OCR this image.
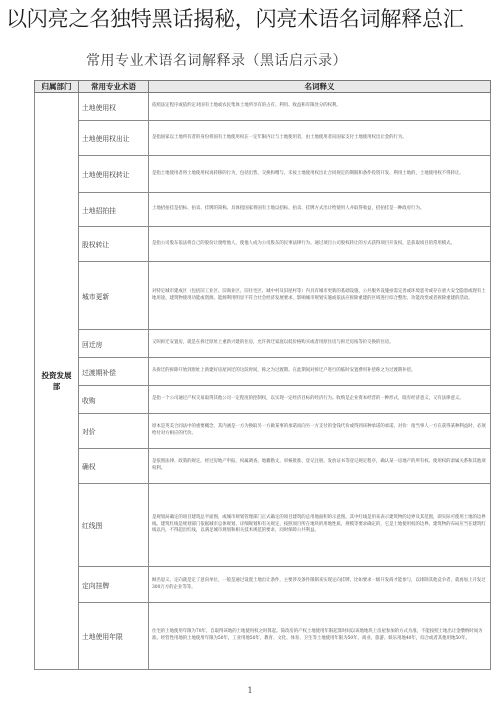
以闪亮之名独特黑话揭秘，闪亮术语名词解释总汇
常用专业术语名词解释录（黑话启示录）
归属部门	常用专业术语	名词释义
投资发展部	土地使用权	依照法定程序或依约定对国有土地或农民集体土地所享有的占有、利用、收益和有限处分的权利。
	土地使用权出让	是指国家以土地所有者的身份将国有土地使用权在一定年限内让与土地使用者，由土地使用者向国家支付土地使用权出让金的行为。
	土地使用权转让	是指土地使用者将土地使用权再转移的行为，包括出售、交换和赠与。未按土地使用权出让合同规定的期限和条件投资开发、利用土地的，土地使用权不得转让。
	土地招拍挂	土地招拍挂是招标、拍卖、挂牌的简称。具体指国家将国有土地以招标、拍卖、挂牌方式出让给使用人并取得收益，招拍挂是一种政府行为。
	股权转让	是指公司股东依法将自己的股份让渡给他人，使他人成为公司股东的民事法律行为。通过项目公司股权转让的方式获得项目开发权，是获取项目的常用模式。
	城市更新	对特定城市建成区（包括旧工业区、旧商业区、旧住宅区、城中村及旧屋村等）内具有城市更新的基础设施、公共服务设施亟需完善或环境恶劣或存在重大安全隐患或现有土地用途、建筑物使用功能或资源、能源利用明显不符合社会经济发展要求、影响城市规划实施或依法应拆除重建的区域进行综合整治、功能改变或者拆除重建的活动。
	回迁房	又叫拆迁安置房，就是在拆迁原址上重新兴建的住房，允许拆迁家庭以低价格购买或者用原住房与拆迁房按等价交换的住房。
	过渡期补偿	从拆迁的拆除开始到原址上新建好房屋回迁的这段时间，称之为过渡期。在此期间对拆迁户进行的临时安置费用补偿称之为过渡期补偿。
	收购	是指一个公司通过产权交易取得其他公司一定程度的控制权，以实现一定经济目标的经济行为。收购是企业资本经营的一种形式，既有经济意义，又有法律意义。
	对价	原本是英美合同法中的重要概念，其内涵是一方为换取另一方做某事的承诺而向另一方支付的金钱代价或得到该种承诺的承诺。对价：指当事人一方在获得某种利益时，必须给付对方相应的代价。
	确权	是依照法律、政策的规定，经过房地产申报、权属调查、地籍勘丈、审核批准、登记注册、发放证书等登记规定程序，确认某一房地产的所有权、使用权的隶属关系和其他项权利。
	红线图	是规划局确定的项目建筑总平面图，或城市规划管理部门正式确定的项目建筑的总用地面积的示意图。其中红线是用来表示建筑物的边界及其范围，即实际可使用土地的边界线。建筑红线是规划部门依据城市总体规划、详细规划和有关规定，按照项目所在地块的用地性质、规模等要求确定的，它是土地使用权的边界。建筑物的布局应当在建筑红线以内，不得超出红线，以满足城市规划和相关技术规范的要求，同时保障公共利益。
	定向挂牌	顾名思义，定向就是定了意向单位，一般是通过设置土地出让条件，主要涉及条件限制来实现定向挂牌，比如要求一级开发商才能参与，以排除其他竞争者，就再加上开发过300万方的企业等等。
	土地使用年限	住宅的土地使用年限为70年，自取得该地的土地使用权之时算起。简改房的产权土地使用年限起算时间以该地地块上房屋参加的方式为准，不能按照土地出让金缴纳时间为准。经营性用地的土地使用年限为50年，工业用地50年，教育、文化、体育、卫生等土地使用年限为50年，商业、旅游、娱乐用地40年，综合或者其他用地50年。
1
